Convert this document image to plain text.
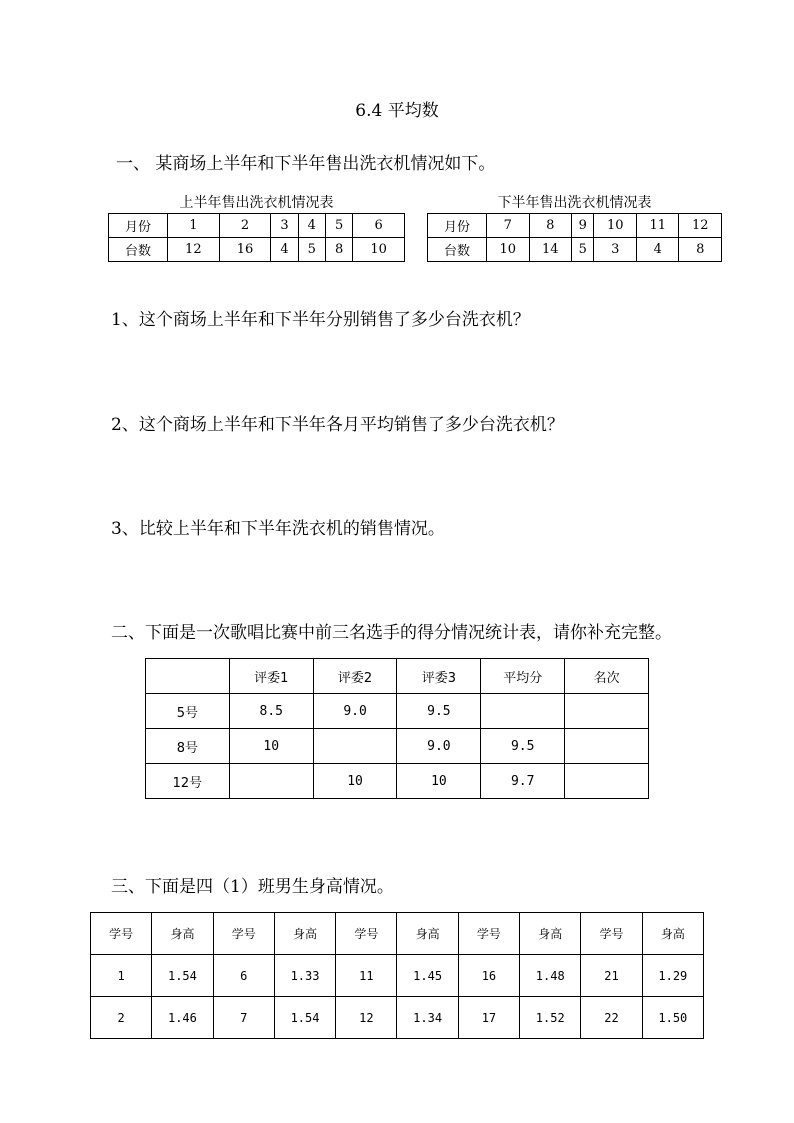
6.4 平均数
一、 某商场上半年和下半年售出洗衣机情况如下。
上半年售出洗衣机情况表
月份	1	2	3	4	5	6
台数	12	16	4	5	8	10
下半年售出洗衣机情况表
月份	7	8	9	10	11	12
台数	10	14	5	3	4	8
1、这个商场上半年和下半年分别销售了多少台洗衣机？
2、这个商场上半年和下半年各月平均销售了多少台洗衣机？
3、比较上半年和下半年洗衣机的销售情况。
二、下面是一次歌唱比赛中前三名选手的得分情况统计表，请你补充完整。
	评委1	评委2	评委3	平均分	名次
5号	8.5	9.0	9.5		
8号	10		9.0	9.5	
12号		10	10	9.7	
三、下面是四（1）班男生身高情况。
学号	身高	学号	身高	学号	身高	学号	身高	学号	身高
1	1.54	6	1.33	11	1.45	16	1.48	21	1.29
2	1.46	7	1.54	12	1.34	17	1.52	22	1.50
